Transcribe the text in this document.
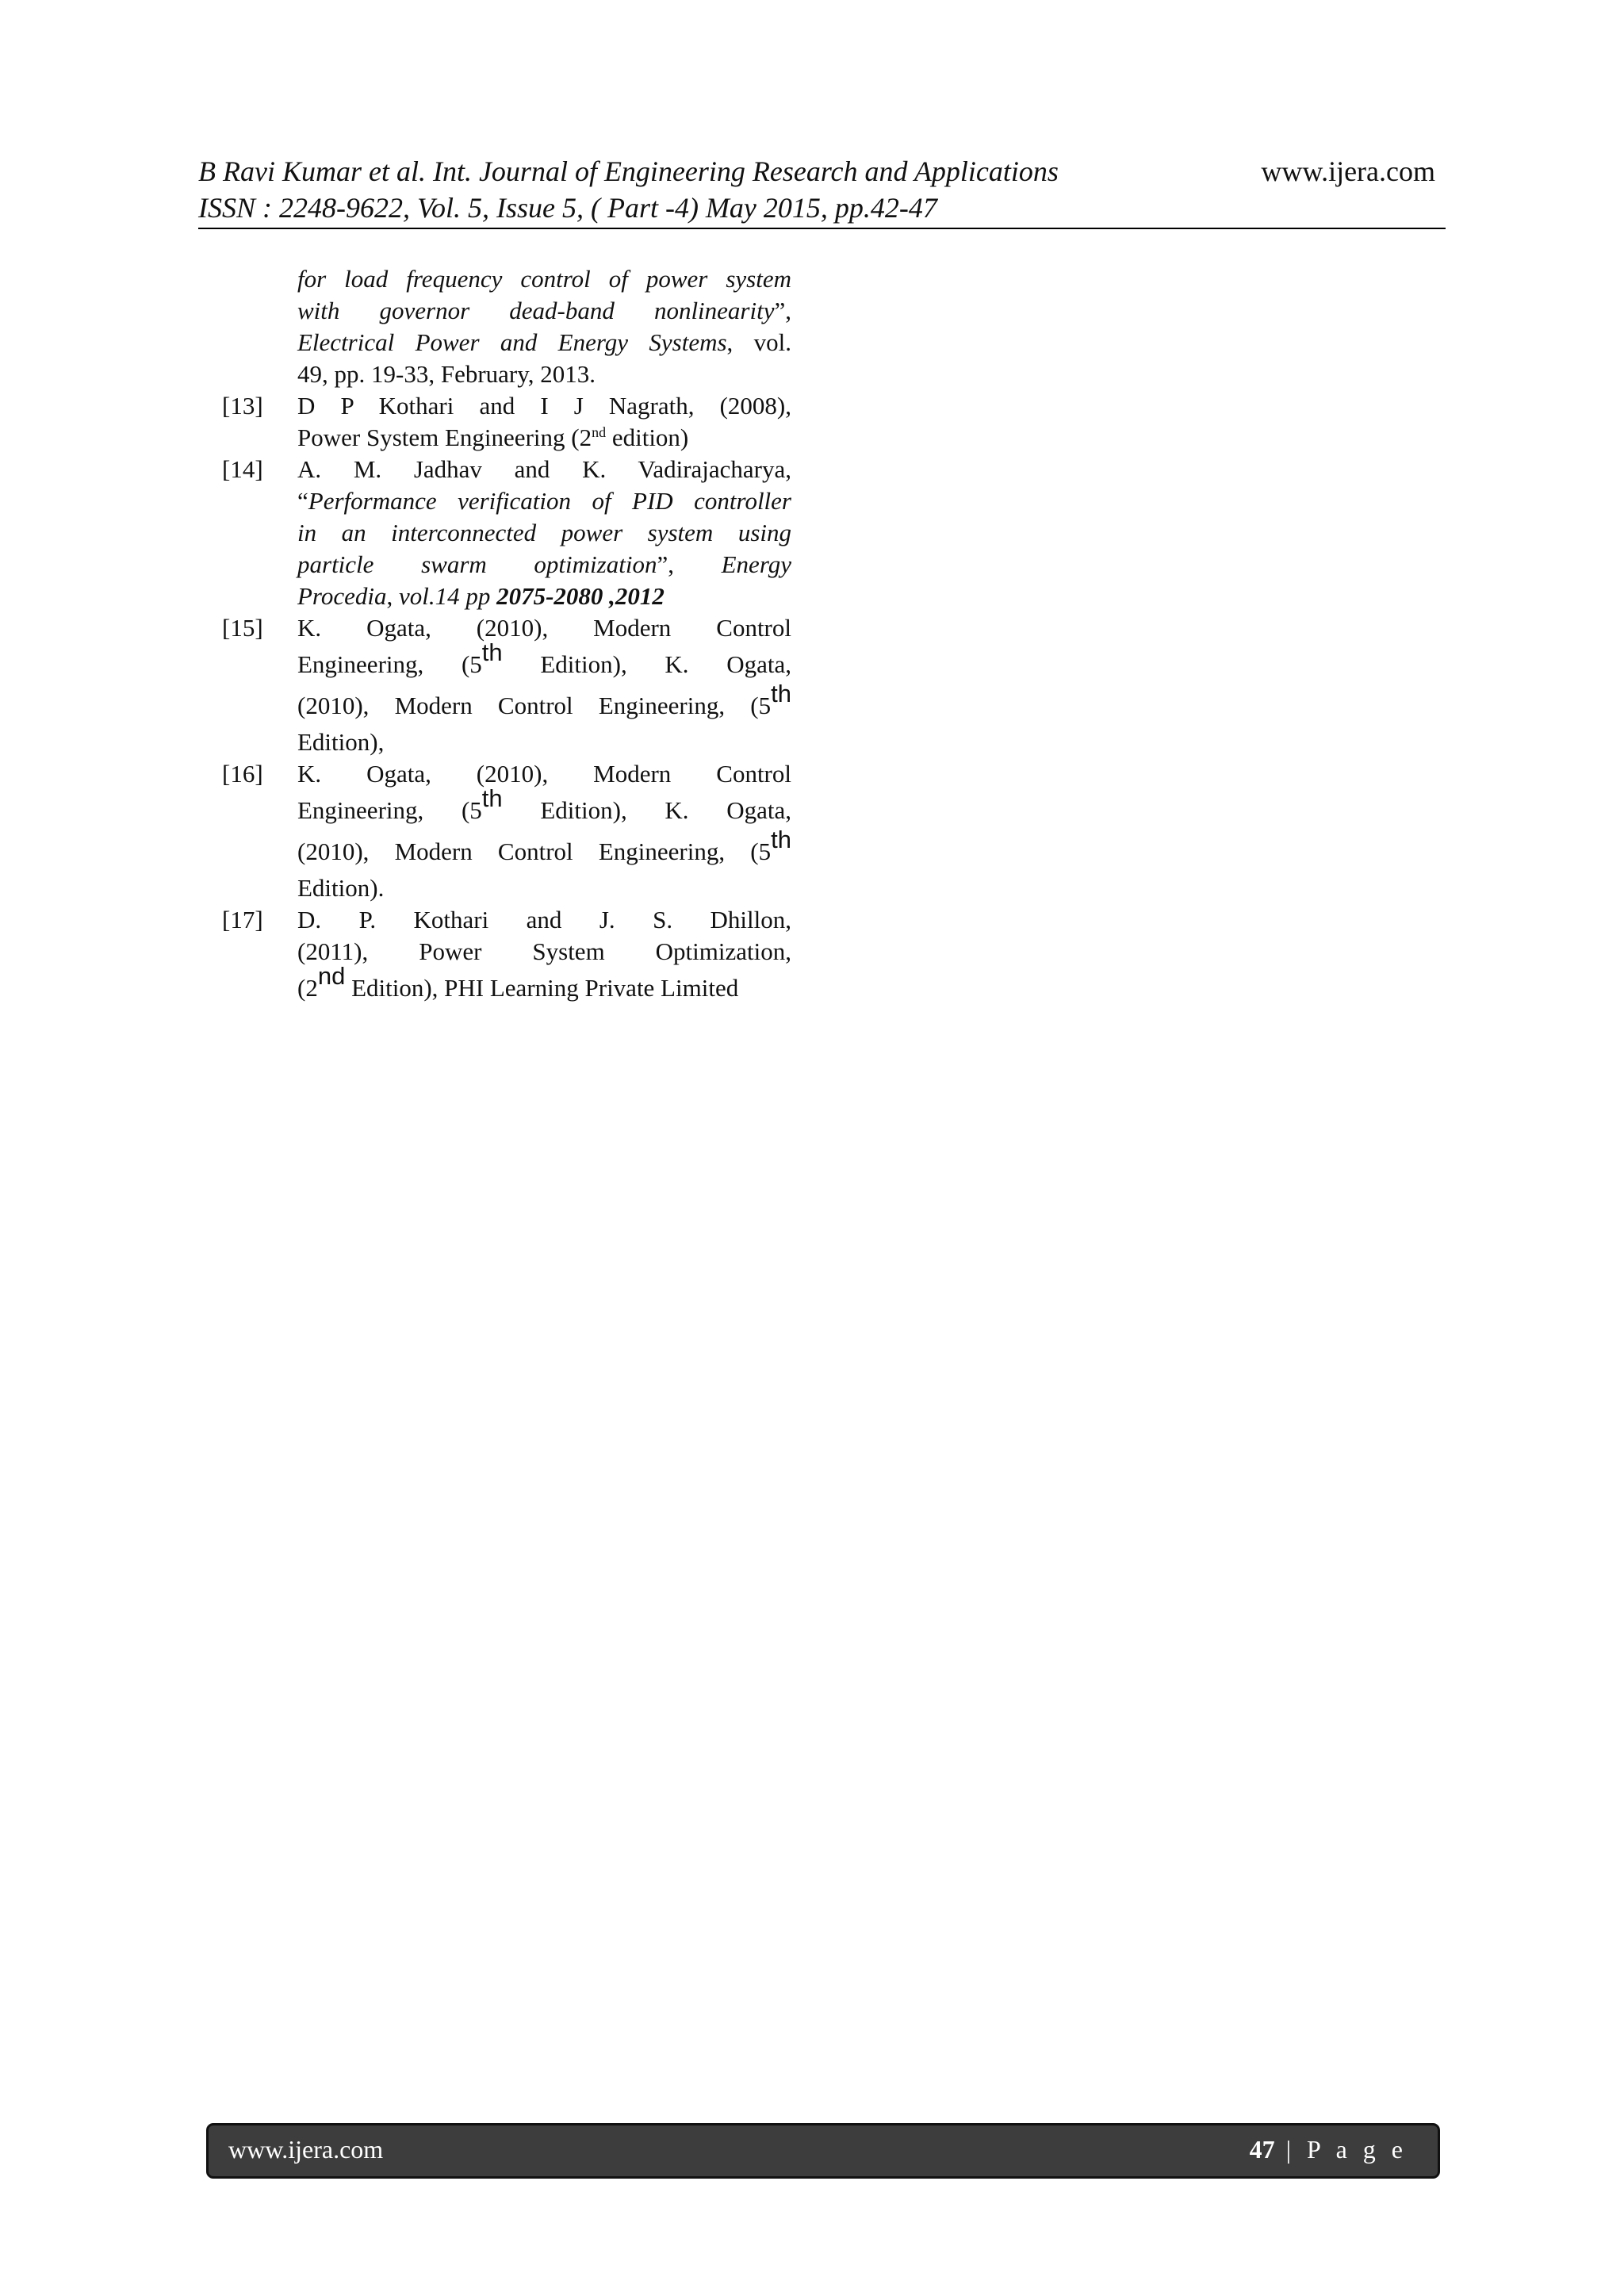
B Ravi Kumar et al. Int. Journal of Engineering Research and Applications	www.ijera.com
ISSN : 2248-9622, Vol. 5, Issue 5, ( Part -4) May 2015, pp.42-47
for load frequency control of power system
with governor dead-band nonlinearity”,
Electrical Power and Energy Systems, vol.
49, pp. 19-33, February, 2013.
[13] D P Kothari and I J Nagrath, (2008),
Power System Engineering (2nd edition)
[14] A. M. Jadhav and K. Vadirajacharya,
“Performance verification of PID controller
in an interconnected power system using
particle swarm optimization”, Energy
Procedia, vol.14 pp 2075-2080 ,2012
[15] K. Ogata, (2010), Modern Control
Engineering, (5th Edition), K. Ogata,
(2010), Modern Control Engineering, (5th
Edition),
[16] K. Ogata, (2010), Modern Control
Engineering, (5th Edition), K. Ogata,
(2010), Modern Control Engineering, (5th
Edition).
[17] D. P. Kothari and J. S. Dhillon,
(2011), Power System Optimization,
(2nd Edition), PHI Learning Private Limited
www.ijera.com	47 | P a g e
